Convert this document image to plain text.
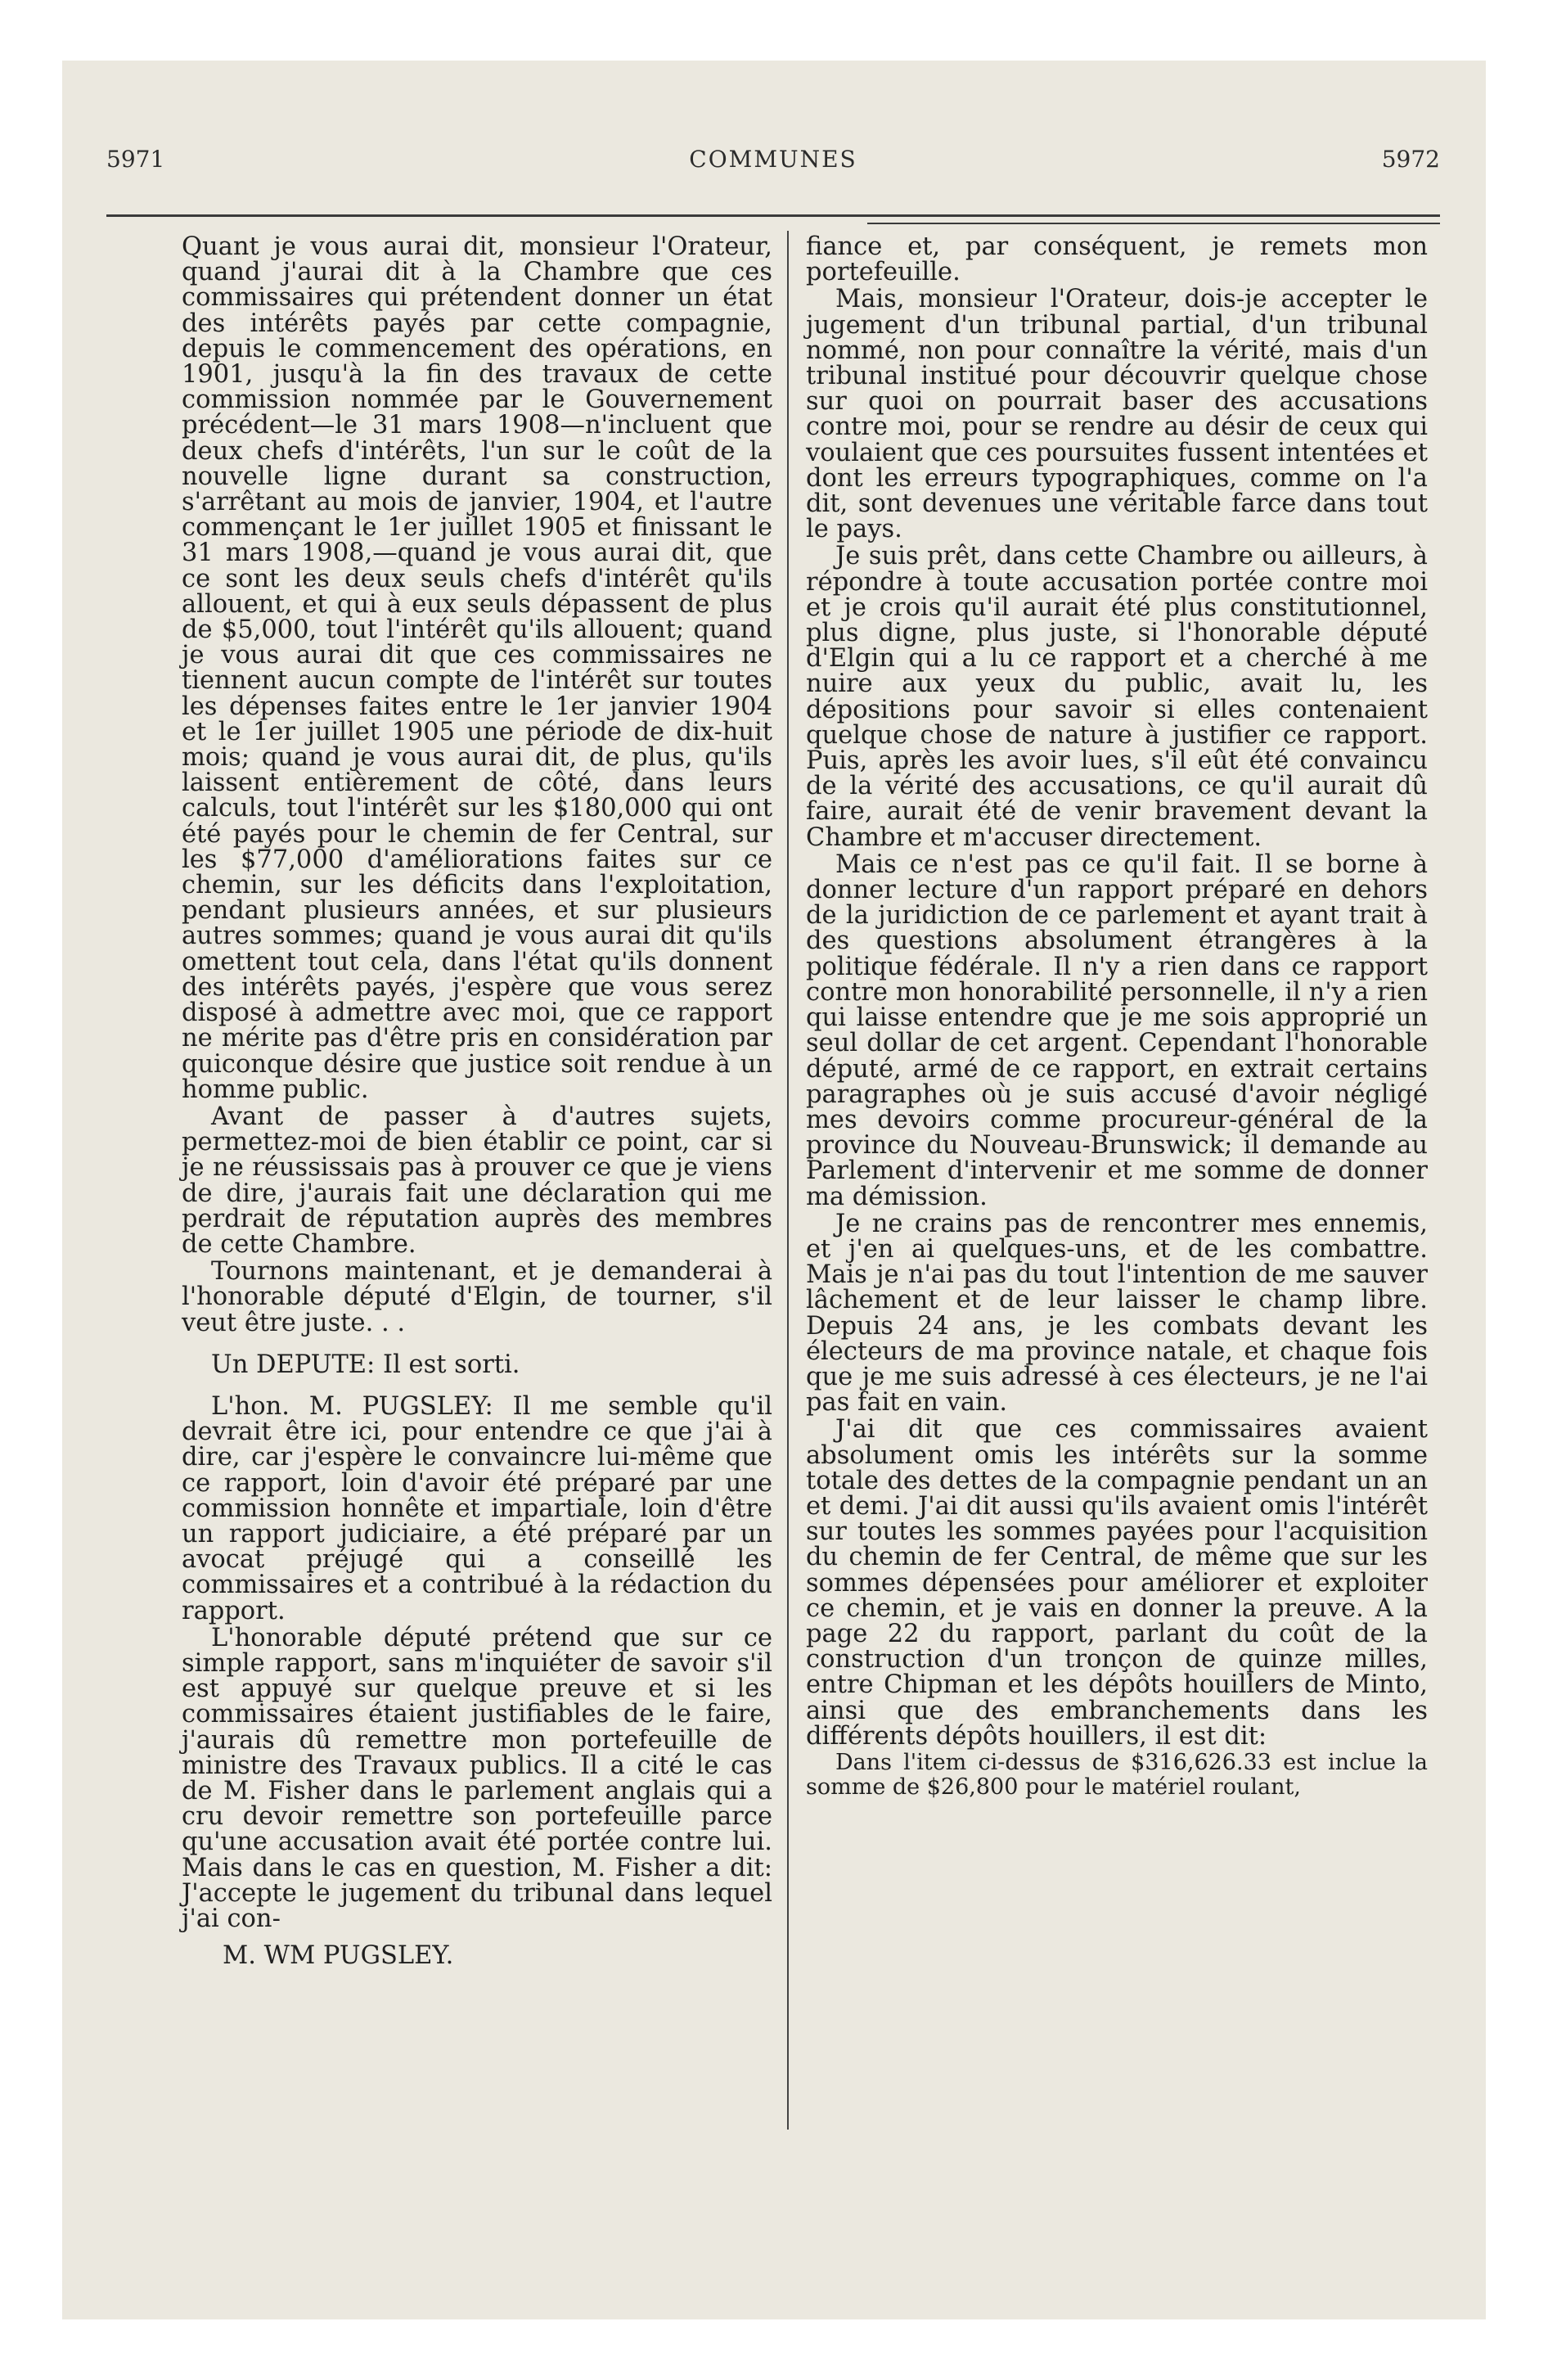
5971	COMMUNES	5972

Quant je vous aurai dit, monsieur l'Orateur, quand j'aurai dit à la Chambre que ces commissaires qui prétendent donner un état des intérêts payés par cette compagnie, depuis le commencement des opérations, en 1901, jusqu'à la fin des travaux de cette commission nommée par le Gouvernement précédent—le 31 mars 1908—n'incluent que deux chefs d'intérêts, l'un sur le coût de la nouvelle ligne durant sa construction, s'arrêtant au mois de janvier, 1904, et l'autre commençant le 1er juillet 1905 et finissant le 31 mars 1908,—quand je vous aurai dit, que ce sont les deux seuls chefs d'intérêt qu'ils allouent, et qui à eux seuls dépassent de plus de $5,000, tout l'intérêt qu'ils allouent; quand je vous aurai dit que ces commissaires ne tiennent aucun compte de l'intérêt sur toutes les dépenses faites entre le 1er janvier 1904 et le 1er juillet 1905 une période de dix-huit mois; quand je vous aurai dit, de plus, qu'ils laissent entièrement de côté, dans leurs calculs, tout l'intérêt sur les $180,000 qui ont été payés pour le chemin de fer Central, sur les $77,000 d'améliorations faites sur ce chemin, sur les déficits dans l'exploitation, pendant plusieurs années, et sur plusieurs autres sommes; quand je vous aurai dit qu'ils omettent tout cela, dans l'état qu'ils donnent des intérêts payés, j'espère que vous serez disposé à admettre avec moi, que ce rapport ne mérite pas d'être pris en considération par quiconque désire que justice soit rendue à un homme public.

Avant de passer à d'autres sujets, permettez-moi de bien établir ce point, car si je ne réussissais pas à prouver ce que je viens de dire, j'aurais fait une déclaration qui me perdrait de réputation auprès des membres de cette Chambre.

Tournons maintenant, et je demanderai à l'honorable député d'Elgin, de tourner, s'il veut être juste. . .

Un DEPUTE: Il est sorti.

L'hon. M. PUGSLEY: Il me semble qu'il devrait être ici, pour entendre ce que j'ai à dire, car j'espère le convaincre lui-même que ce rapport, loin d'avoir été préparé par une commission honnête et impartiale, loin d'être un rapport judiciaire, a été préparé par un avocat préjugé qui a conseillé les commissaires et a contribué à la rédaction du rapport.

L'honorable député prétend que sur ce simple rapport, sans m'inquiéter de savoir s'il est appuyé sur quelque preuve et si les commissaires étaient justifiables de le faire, j'aurais dû remettre mon portefeuille de ministre des Travaux publics. Il a cité le cas de M. Fisher dans le parlement anglais qui a cru devoir remettre son portefeuille parce qu'une accusation avait été portée contre lui. Mais dans le cas en question, M. Fisher a dit: J'accepte le jugement du tribunal dans lequel j'ai con-

M. WM PUGSLEY.

fiance et, par conséquent, je remets mon portefeuille.

Mais, monsieur l'Orateur, dois-je accepter le jugement d'un tribunal partial, d'un tribunal nommé, non pour connaître la vérité, mais d'un tribunal institué pour découvrir quelque chose sur quoi on pourrait baser des accusations contre moi, pour se rendre au désir de ceux qui voulaient que ces poursuites fussent intentées et dont les erreurs typographiques, comme on l'a dit, sont devenues une véritable farce dans tout le pays.

Je suis prêt, dans cette Chambre ou ailleurs, à répondre à toute accusation portée contre moi et je crois qu'il aurait été plus constitutionnel, plus digne, plus juste, si l'honorable député d'Elgin qui a lu ce rapport et a cherché à me nuire aux yeux du public, avait lu, les dépositions pour savoir si elles contenaient quelque chose de nature à justifier ce rapport. Puis, après les avoir lues, s'il eût été convaincu de la vérité des accusations, ce qu'il aurait dû faire, aurait été de venir bravement devant la Chambre et m'accuser directement.

Mais ce n'est pas ce qu'il fait. Il se borne à donner lecture d'un rapport préparé en dehors de la juridiction de ce parlement et ayant trait à des questions absolument étrangères à la politique fédérale. Il n'y a rien dans ce rapport contre mon honorabilité personnelle, il n'y a rien qui laisse entendre que je me sois approprié un seul dollar de cet argent. Cependant l'honorable député, armé de ce rapport, en extrait certains paragraphes où je suis accusé d'avoir négligé mes devoirs comme procureur-général de la province du Nouveau-Brunswick; il demande au Parlement d'intervenir et me somme de donner ma démission.

Je ne crains pas de rencontrer mes ennemis, et j'en ai quelques-uns, et de les combattre. Mais je n'ai pas du tout l'intention de me sauver lâchement et de leur laisser le champ libre. Depuis 24 ans, je les combats devant les électeurs de ma province natale, et chaque fois que je me suis adressé à ces électeurs, je ne l'ai pas fait en vain.

J'ai dit que ces commissaires avaient absolument omis les intérêts sur la somme totale des dettes de la compagnie pendant un an et demi. J'ai dit aussi qu'ils avaient omis l'intérêt sur toutes les sommes payées pour l'acquisition du chemin de fer Central, de même que sur les sommes dépensées pour améliorer et exploiter ce chemin, et je vais en donner la preuve. A la page 22 du rapport, parlant du coût de la construction d'un tronçon de quinze milles, entre Chipman et les dépôts houillers de Minto, ainsi que des embranchements dans les différents dépôts houillers, il est dit:

Dans l'item ci-dessus de $316,626.33 est inclue la somme de $26,800 pour le matériel roulant,
